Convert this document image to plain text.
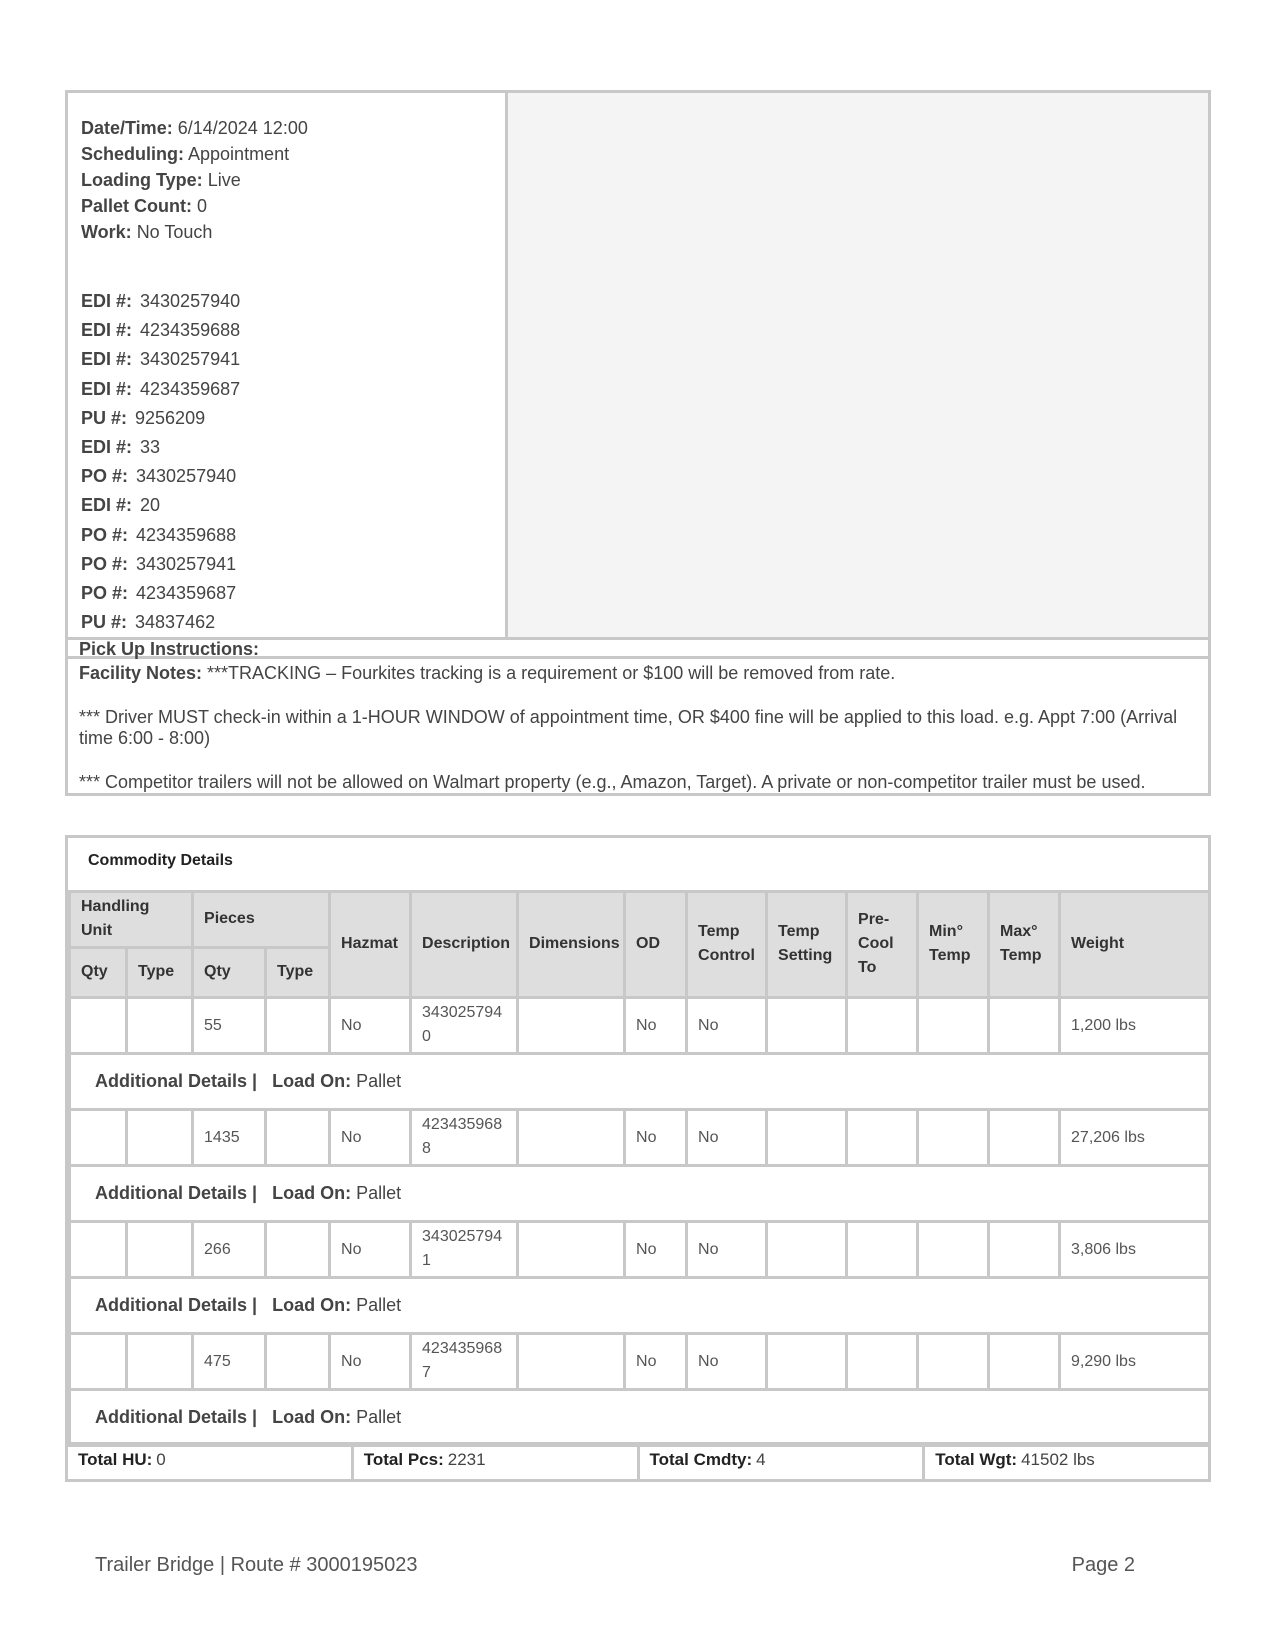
Date/Time: 6/14/2024 12:00
Scheduling: Appointment
Loading Type: Live
Pallet Count: 0
Work: No Touch
EDI #: 3430257940
EDI #: 4234359688
EDI #: 3430257941
EDI #: 4234359687
PU #: 9256209
EDI #: 33
PO #: 3430257940
EDI #: 20
PO #: 4234359688
PO #: 3430257941
PO #: 4234359687
PU #: 34837462
Pick Up Instructions:

Facility Notes: ***TRACKING – Fourkites tracking is a requirement or $100 will be removed from rate.

*** Driver MUST check-in within a 1-HOUR WINDOW of appointment time, OR $400 fine will be applied to this load. e.g. Appt 7:00 (Arrival time 6:00 - 8:00)

*** Competitor trailers will not be allowed on Walmart property (e.g., Amazon, Target). A private or non-competitor trailer must be used.

Commodity Details
Handling Unit		Pieces		Hazmat	Description	Dimensions	OD	Temp Control	Temp Setting	Pre-Cool To	Min° Temp	Max° Temp	Weight
Qty	Type	Qty	Type										
		55		No	3430257940		No	No					1,200 lbs
Additional Details | Load On: Pallet													
		1435		No	4234359688		No	No					27,206 lbs
Additional Details | Load On: Pallet													
		266		No	3430257941		No	No					3,806 lbs
Additional Details | Load On: Pallet													
		475		No	4234359687		No	No					9,290 lbs
Additional Details | Load On: Pallet													
Total HU: 0	Total Pcs: 2231	Total Cmdty: 4	Total Wgt: 41502 lbs
Trailer Bridge | Route # 3000195023	Page 2
